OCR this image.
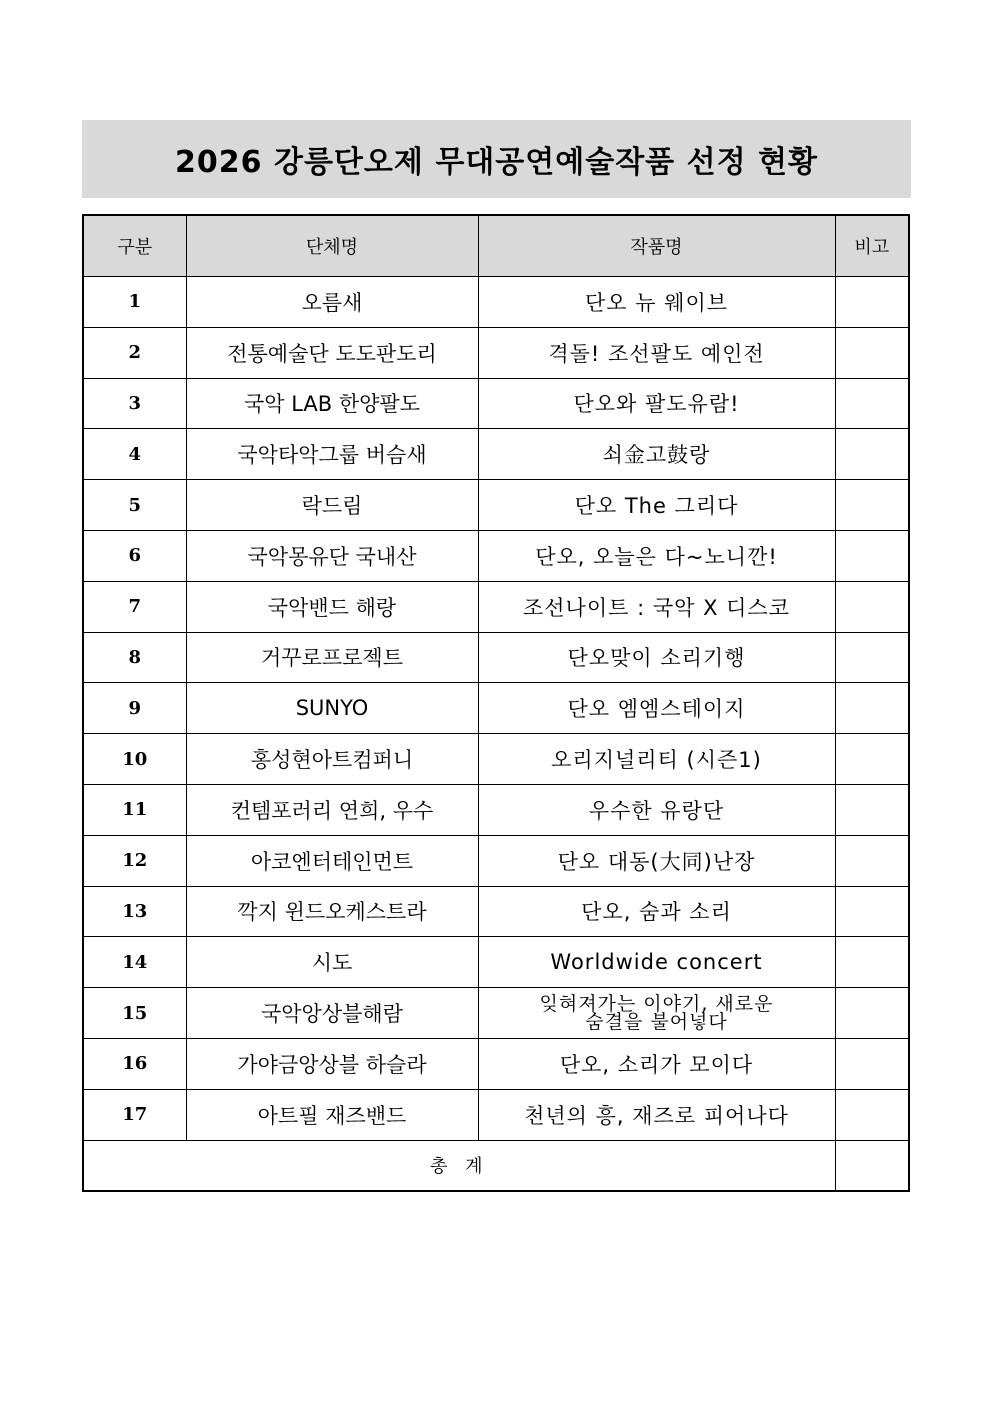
2026 강릉단오제 무대공연예술작품 선정 현황
구분	단체명	작품명	비고
1	오름새	단오 뉴 웨이브	
2	전통예술단 도도판도리	격돌! 조선팔도 예인전	
3	국악 LAB 한양팔도	단오와 팔도유람!	
4	국악타악그룹 버슴새	쇠金고鼓랑	
5	락드림	단오 The 그리다	
6	국악몽유단 국내산	단오, 오늘은 다~노니깐!	
7	국악밴드 해랑	조선나이트 : 국악 X 디스코	
8	거꾸로프로젝트	단오맞이 소리기행	
9	SUNYO	단오 엠엠스테이지	
10	홍성현아트컴퍼니	오리지널리티 (시즌1)	
11	컨템포러리 연희, 우수	우수한 유랑단	
12	아코엔터테인먼트	단오 대동(大同)난장	
13	깍지 윈드오케스트라	단오, 숨과 소리	
14	시도	Worldwide concert	
15	국악앙상블해람	잊혀져가는 이야기, 새로운
숨결을 불어넣다	

16	가야금앙상블 하슬라	단오, 소리가 모이다	
17	아트필 재즈밴드	천년의 흥, 재즈로 피어나다	
총 계			
